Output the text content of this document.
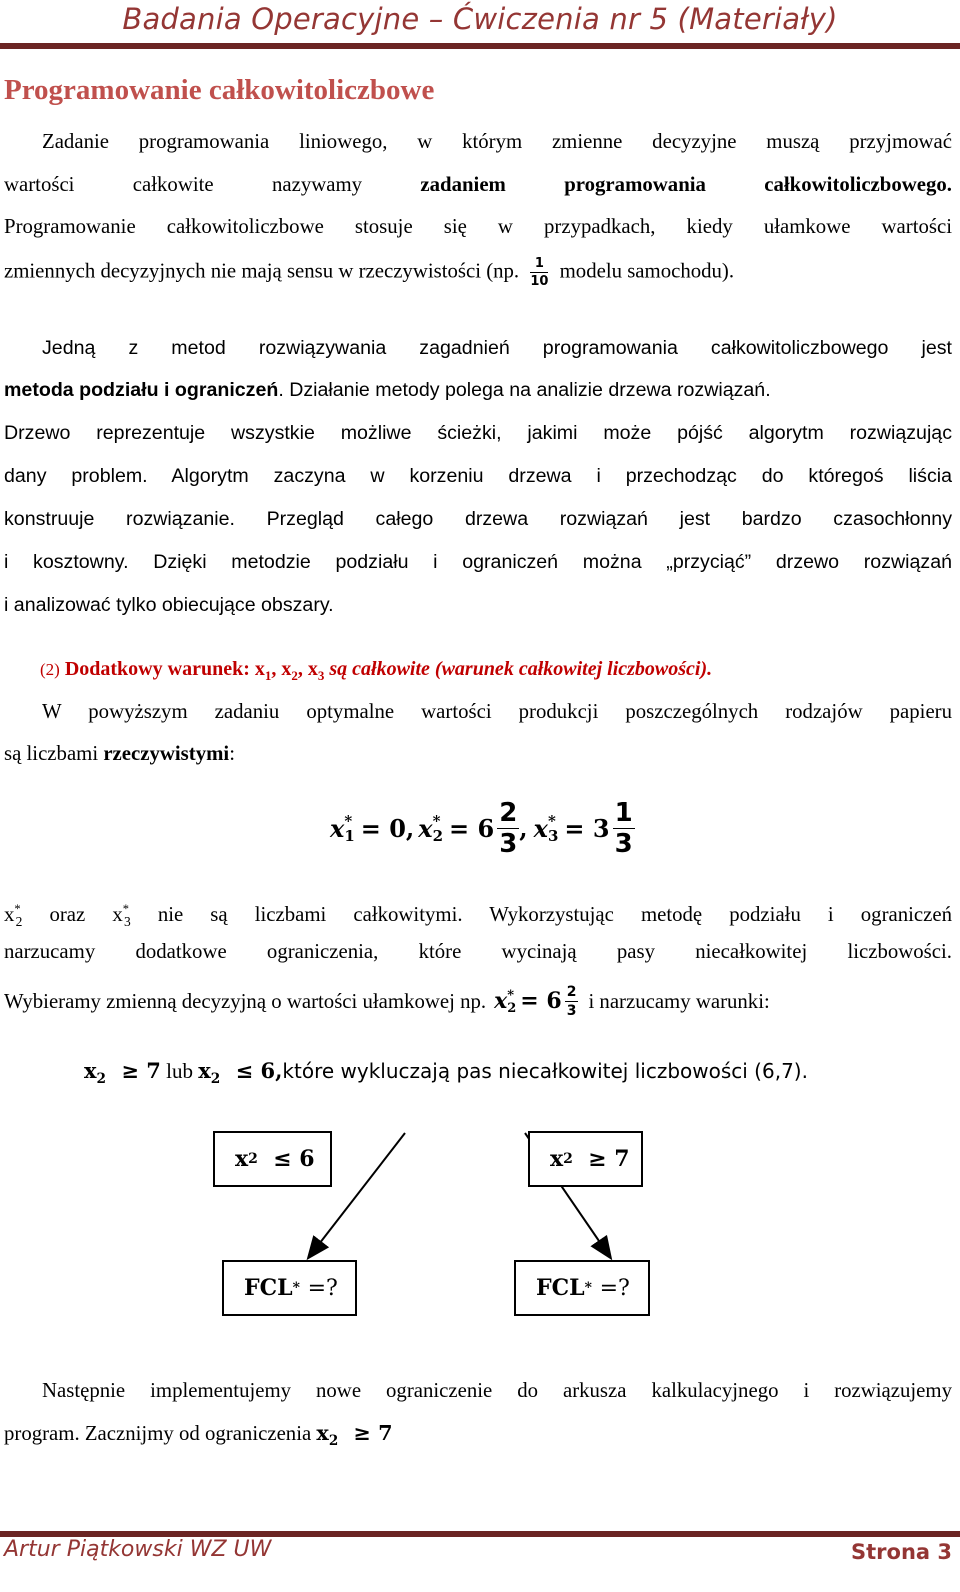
Badania Operacyjne – Ćwiczenia nr 5 (Materiały)
Programowanie całkowitoliczbowe
Zadanie programowania liniowego, w którym zmienne decyzyjne muszą przyjmować
wartości całkowite nazywamy	zadaniem programowania całkowitoliczbowego.
Programowanie całkowitoliczbowe stosuje się w przypadkach, kiedy ułamkowe wartości
zmiennych decyzyjnych nie mają sensu w rzeczywistości (np. $\frac{1}{10}$ modelu samochodu).
Jedną z metod rozwiązywania zagadnień programowania całkowitoliczbowego jest
metoda podziału i ograniczeń. Działanie metody polega na analizie drzewa rozwiązań.
Drzewo reprezentuje wszystkie możliwe ścieżki, jakimi może pójść algorytm rozwiązując
dany problem. Algorytm zaczyna w korzeniu drzewa i przechodząc do któregoś liścia
konstruuje rozwiązanie. Przegląd całego drzewa rozwiązań jest bardzo czasochłonny
i kosztowny. Dzięki metodzie podziału i ograniczeń można „przyciąć” drzewo rozwiązań
i analizować tylko obiecujące obszary.
(2) Dodatkowy warunek: $x_1$, $x_2$, $x_3$ są całkowite (warunek całkowitej liczbowości).
W powyższym zadaniu optymalne wartości produkcji poszczególnych rodzajów papieru
są liczbami rzeczywistymi:
x *
1 = 0, x *
$2 = 6 \frac{2}{3}$ , x *
$3 = 3 \frac{1}{3}$
$x^*_2$ oraz $x^*_3$ nie są liczbami całkowitymi. Wykorzystując metodę podziału i ograniczeń
narzucamy dodatkowe ograniczenia, które wycinają pasy niecałkowitej liczbowości.
Wybieramy zmienną decyzyjną o wartości ułamkowej np. x *
$2 = 6 \frac{2}{3}$ i narzucamy warunki:
$x_2 \ge 7$ lub $x_2$ ≤ 6,które wykluczają pas niecałkowitej liczbowości (6,7).
x 2
≤ 6	x 2
≥ 7
FCL *
=?	FCL *
=?
Następnie implementujemy nowe ograniczenie do arkusza kalkulacyjnego i rozwiązujemy
program. Zacznijmy od ograniczenia $x_2 \ge 7$
Artur Piątkowski WZ UW	Strona 3
